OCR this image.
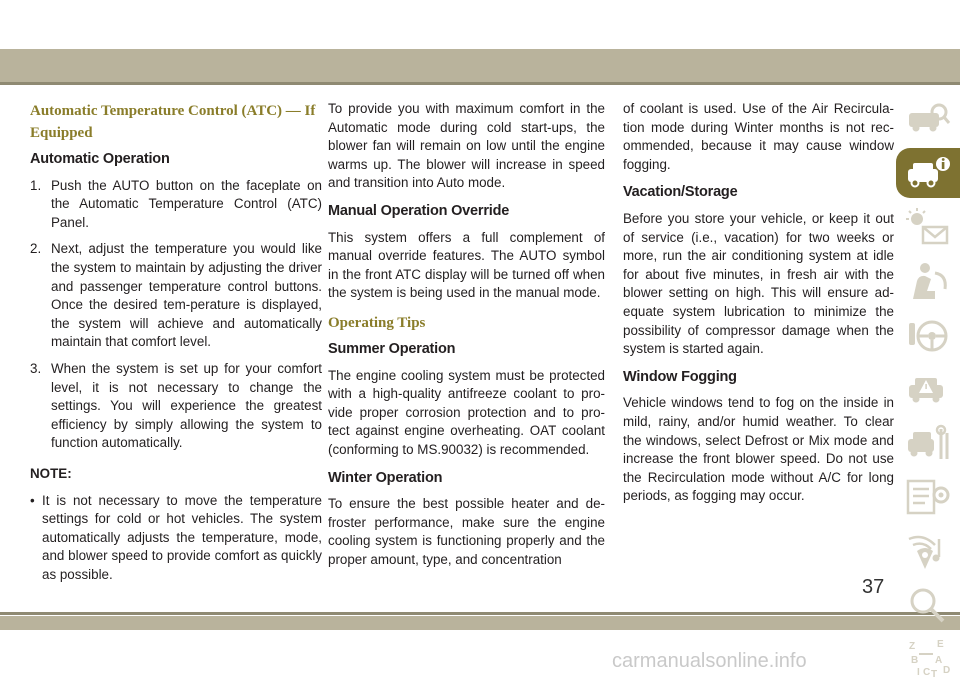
Automatic Temperature Control (ATC) — If Equipped
Automatic Operation
1. Push the AUTO button on the faceplate on the Automatic Temperature Control (ATC) Panel.
2. Next, adjust the temperature you would like the system to maintain by adjusting the driver and passenger temperature control buttons. Once the desired tem-perature is displayed, the system will achieve and automatically maintain that comfort level.
3. When the system is set up for your comfort level, it is not necessary to change the settings. You will experience the greatest efficiency by simply allowing the system to function automatically.
NOTE:
• It is not necessary to move the temperature settings for cold or hot vehicles. The system automatically adjusts the temperature, mode, and blower speed to provide comfort as quickly as possible.

To provide you with maximum comfort in the Automatic mode during cold start-ups, the blower fan will remain on low until the engine warms up. The blower will increase in speed and transition into Auto mode.

Manual Operation Override

This system offers a full complement of manual override features. The AUTO symbol in the front ATC display will be turned off when the system is being used in the manual mode.

Operating Tips
Summer Operation

The engine cooling system must be protected with a high-quality antifreeze coolant to pro-vide proper corrosion protection and to pro-tect against engine overheating. OAT coolant (conforming to MS.90032) is recommended.

Winter Operation

To ensure the best possible heater and de-froster performance, make sure the engine cooling system is functioning properly and the proper amount, type, and concentration

of coolant is used. Use of the Air Recircula-tion mode during Winter months is not rec-ommended, because it may cause window fogging.

Vacation/Storage

Before you store your vehicle, or keep it out of service (i.e., vacation) for two weeks or more, run the air conditioning system at idle for about five minutes, in fresh air with the blower setting on high. This will ensure ad-equate system lubrication to minimize the possibility of compressor damage when the system is started again.

Window Fogging

Vehicle windows tend to fog on the inside in mild, rainy, and/or humid weather. To clear the windows, select Defrost or Mix mode and increase the front blower speed. Do not use the Recirculation mode without A/C for long periods, as fogging may occur.

Z E
B A
I C T D
37
carmanualsonline.info
